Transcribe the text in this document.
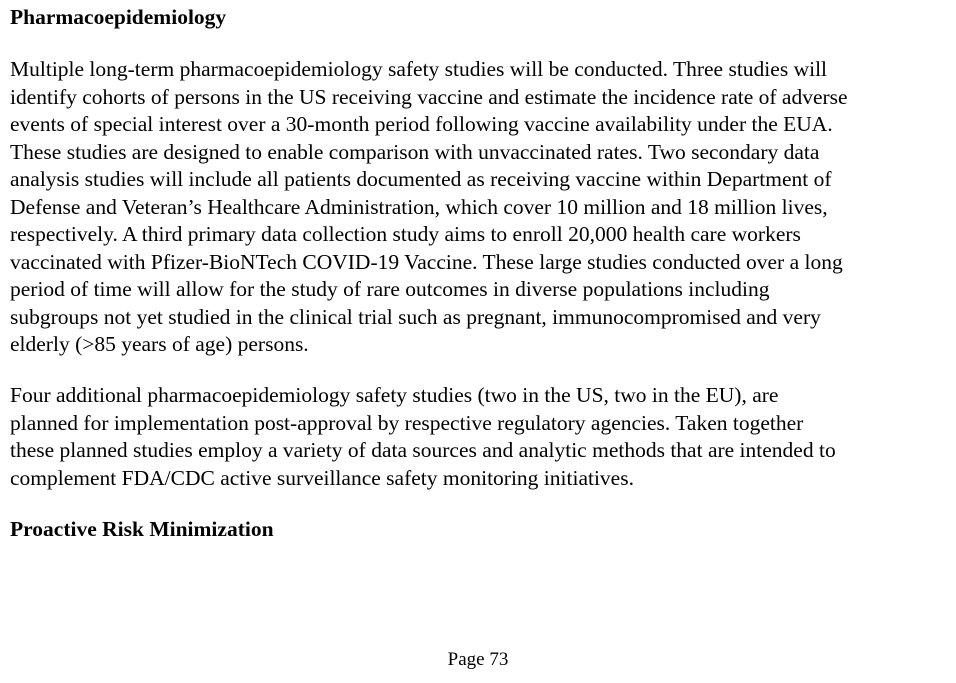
Pharmacoepidemiology

Multiple long-term pharmacoepidemiology safety studies will be conducted. Three studies will
identify cohorts of persons in the US receiving vaccine and estimate the incidence rate of adverse
events of special interest over a 30-month period following vaccine availability under the EUA.
These studies are designed to enable comparison with unvaccinated rates. Two secondary data
analysis studies will include all patients documented as receiving vaccine within Department of
Defense and Veteran’s Healthcare Administration, which cover 10 million and 18 million lives,
respectively. A third primary data collection study aims to enroll 20,000 health care workers
vaccinated with Pfizer-BioNTech COVID-19 Vaccine. These large studies conducted over a long
period of time will allow for the study of rare outcomes in diverse populations including
subgroups not yet studied in the clinical trial such as pregnant, immunocompromised and very
elderly (>85 years of age) persons.

Four additional pharmacoepidemiology safety studies (two in the US, two in the EU), are
planned for implementation post-approval by respective regulatory agencies. Taken together
these planned studies employ a variety of data sources and analytic methods that are intended to
complement FDA/CDC active surveillance safety monitoring initiatives.

Proactive Risk Minimization
Page 73
